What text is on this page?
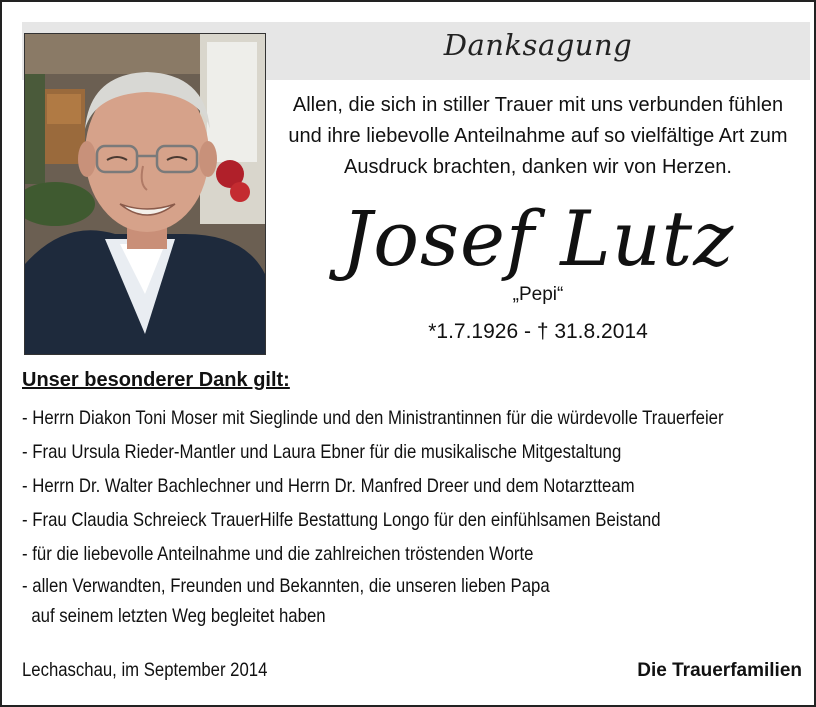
Danksagung
Allen, die sich in stiller Trauer mit uns verbunden fühlen
und ihre liebevolle Anteilnahme auf so vielfältige Art zum
Ausdruck brachten, danken wir von Herzen.
Josef Lutz
„Pepi“
*1.7.1926 - † 31.8.2014
Unser besonderer Dank gilt:
- Herrn Diakon Toni Moser mit Sieglinde und den Ministrantinnen für die würdevolle Trauerfeier
- Frau Ursula Rieder-Mantler und Laura Ebner für die musikalische Mitgestaltung
- Herrn Dr. Walter Bachlechner und Herrn Dr. Manfred Dreer und dem Notarztteam
- Frau Claudia Schreieck TrauerHilfe Bestattung Longo für den einfühlsamen Beistand
- für die liebevolle Anteilnahme und die zahlreichen tröstenden Worte
- allen Verwandten, Freunden und Bekannten, die unseren lieben Papa
auf seinem letzten Weg begleitet haben
Lechaschau, im September 2014	Die Trauerfamilien
